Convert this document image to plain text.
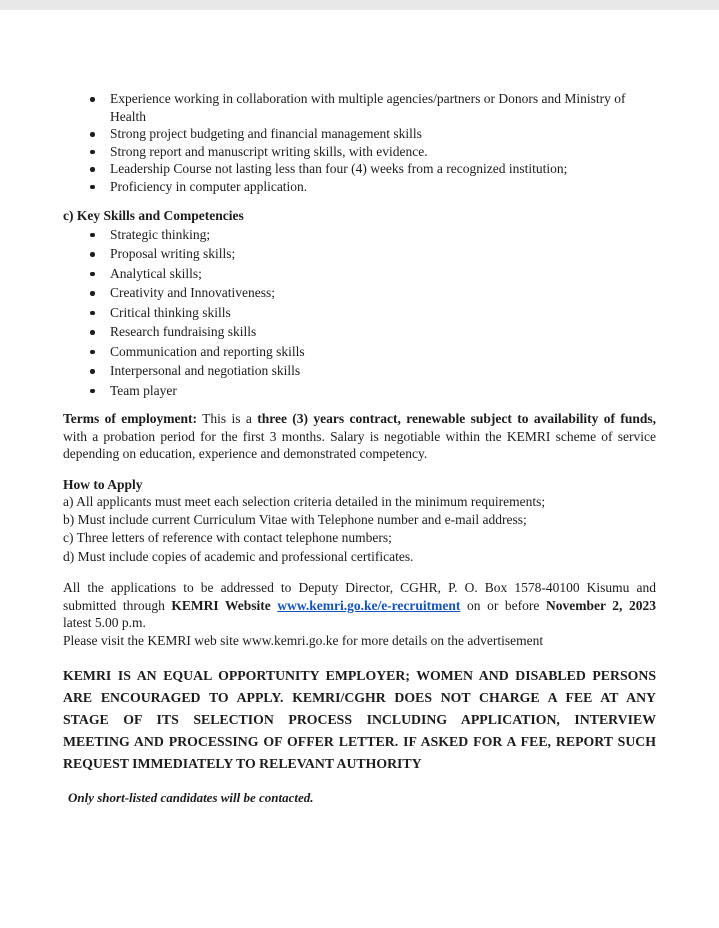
Experience working in collaboration with multiple agencies/partners or Donors and Ministry of Health
Strong project budgeting and financial management skills
Strong report and manuscript writing skills, with evidence.
Leadership Course not lasting less than four (4) weeks from a recognized institution;
Proficiency in computer application.

c) Key Skills and Competencies

Strategic thinking;
Proposal writing skills;
Analytical skills;
Creativity and Innovativeness;
Critical thinking skills
Research fundraising skills
Communication and reporting skills
Interpersonal and negotiation skills
Team player
Terms of employment: This is a three (3) years contract, renewable subject to availability of funds,
with a probation period for the first 3 months. Salary is negotiable within the KEMRI scheme of service
depending on education, experience and demonstrated competency.

How to Apply

a) All applicants must meet each selection criteria detailed in the minimum requirements;
b) Must include current Curriculum Vitae with Telephone number and e-mail address;
c) Three letters of reference with contact telephone numbers;
d) Must include copies of academic and professional certificates.
All the applications to be addressed to Deputy Director, CGHR, P. O. Box 1578-40100 Kisumu and
submitted through KEMRI Website www.kemri.go.ke/e-recruitment on or before November 2, 2023
latest 5.00 p.m.
Please visit the KEMRI web site www.kemri.go.ke for more details on the advertisement
KEMRI IS AN EQUAL OPPORTUNITY EMPLOYER; WOMEN AND DISABLED PERSONS
ARE ENCOURAGED TO APPLY. KEMRI/CGHR DOES NOT CHARGE A FEE AT ANY
STAGE OF ITS SELECTION PROCESS INCLUDING APPLICATION, INTERVIEW
MEETING AND PROCESSING OF OFFER LETTER. IF ASKED FOR A FEE, REPORT SUCH
REQUEST IMMEDIATELY TO RELEVANT AUTHORITY

Only short-listed candidates will be contacted.
